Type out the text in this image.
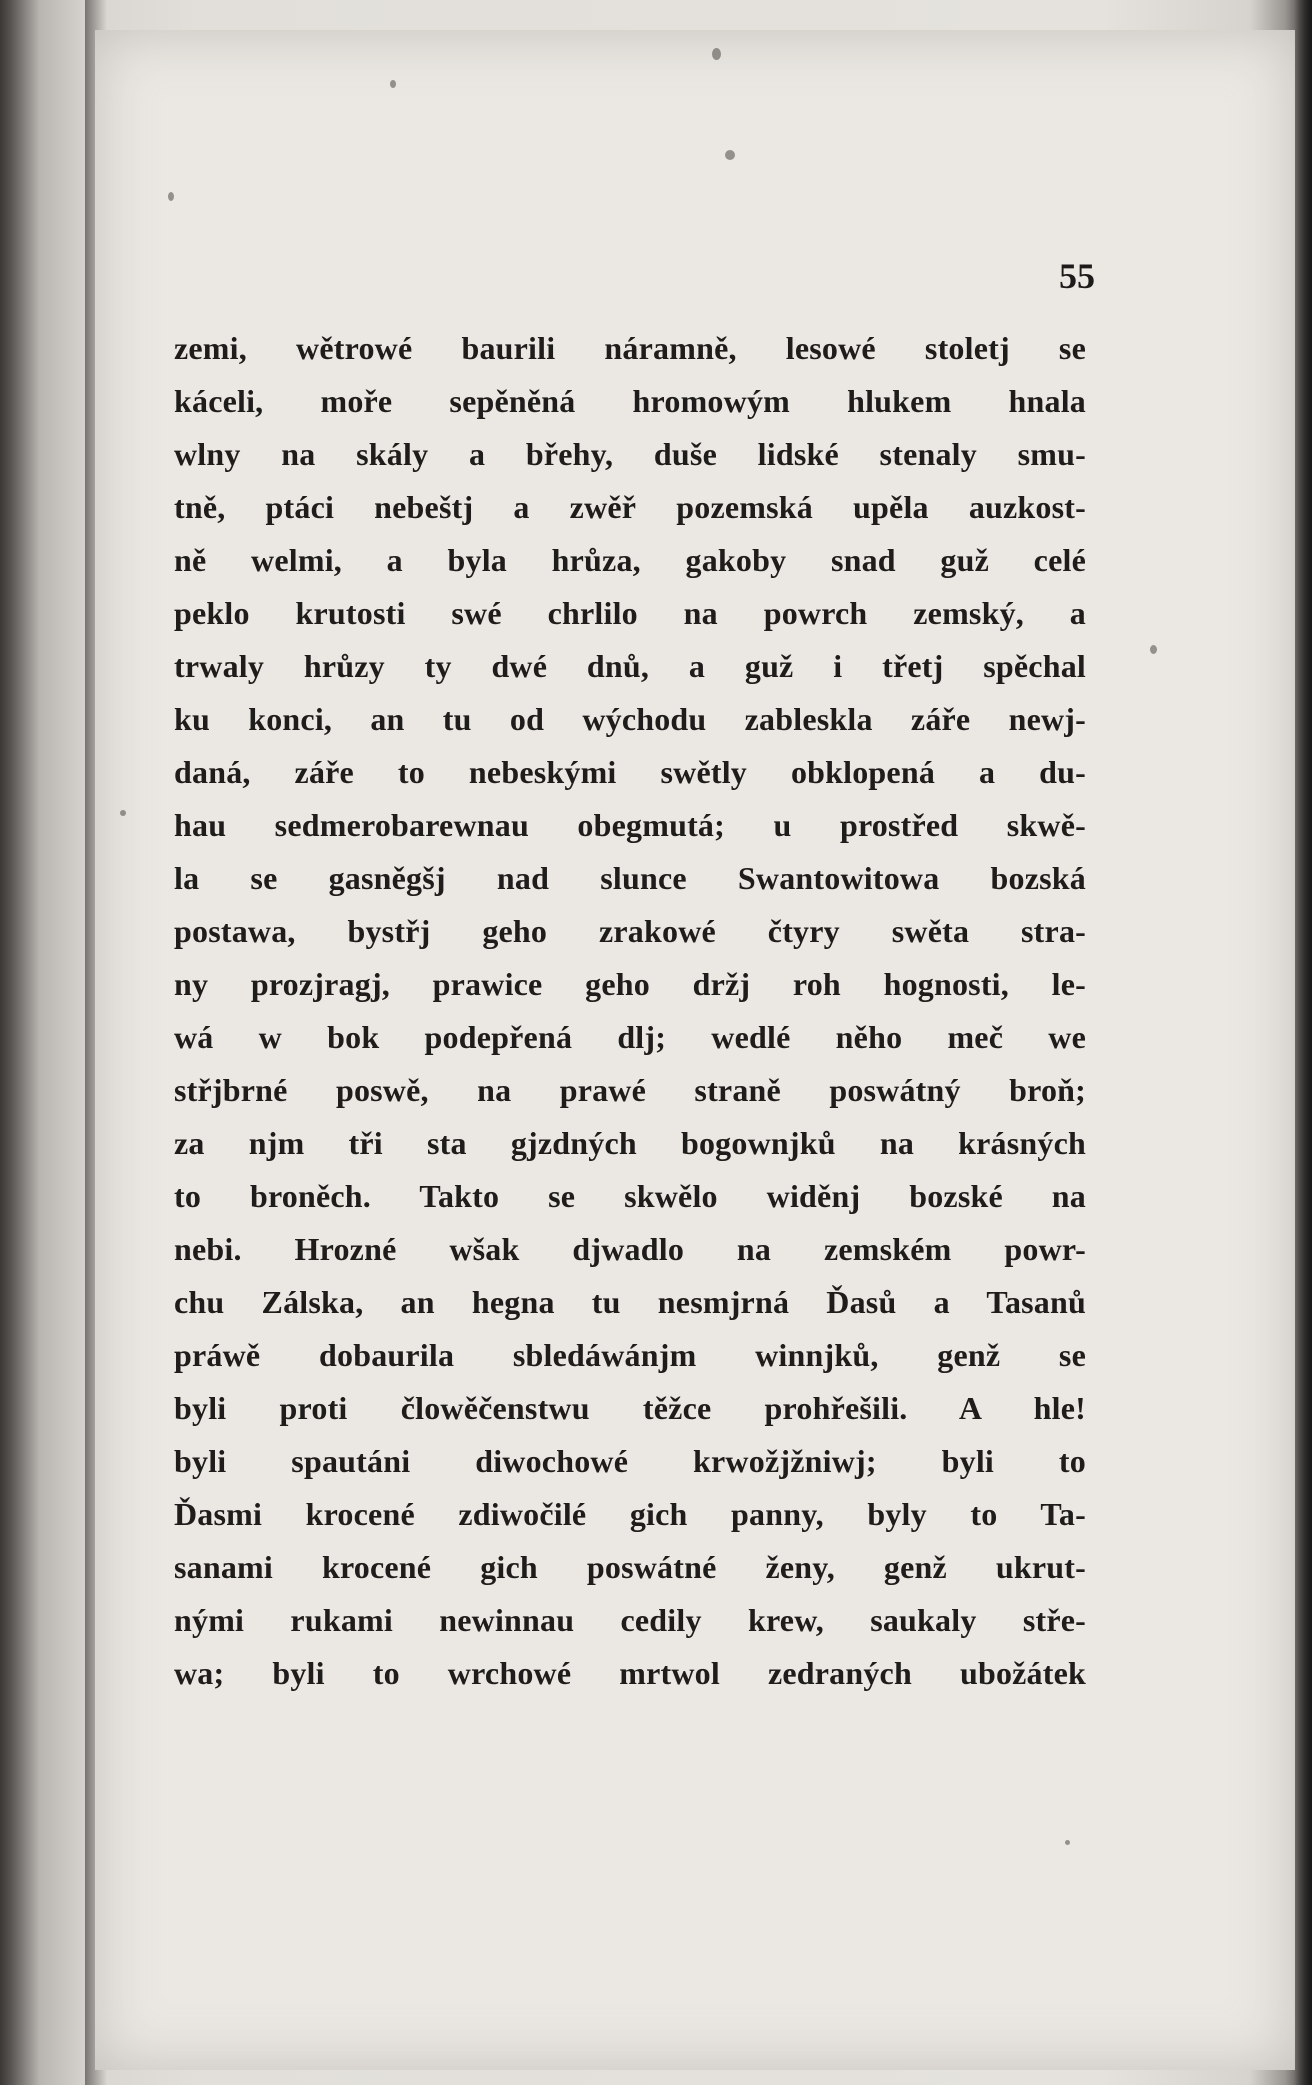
55
zemi, wětrowé baurili náramně, lesowé stoletj se
káceli, moře sepěněná hromowým hlukem hnala
wlny na skály a břehy, duše lidské stenaly smu-
tně, ptáci nebeštj a zwěř pozemská upěla auzkost-
ně welmi, a byla hrůza, gakoby snad guž celé
peklo krutosti swé chrlilo na powrch zemský, a
trwaly hrůzy ty dwé dnů, a guž i třetj spěchal
ku konci, an tu od wýchodu zableskla záře newj-
daná, záře to nebeskými swětly obklopená a du-
hau sedmerobarewnau obegmutá; u prostřed skwě-
la se gasněgšj nad slunce Swantowitowa bozská
postawa, bystřj geho zrakowé čtyry swěta stra-
ny prozjragj, prawice geho držj roh hognosti, le-
wá w bok podepřená dlj; wedlé něho meč we
střjbrné poswě, na prawé straně poswátný broň;
za njm tři sta gjzdných bogownjků na krásných
to broněch. Takto se skwělo widěnj bozské na
nebi. Hrozné wšak djwadlo na zemském powr-
chu Zálska, an hegna tu nesmjrná Ďasů a Tasanů
práwě dobaurila sbledáwánjm winnjků, genž se
byli proti člowěčenstwu těžce prohřešili. A hle!
byli spautáni diwochowé krwožjžniwj; byli to
Ďasmi krocené zdiwočilé gich panny, byly to Ta-
sanami krocené gich poswátné ženy, genž ukrut-
nými rukami newinnau cedily krew, saukaly stře-
wa; byli to wrchowé mrtwol zedraných ubožátek
